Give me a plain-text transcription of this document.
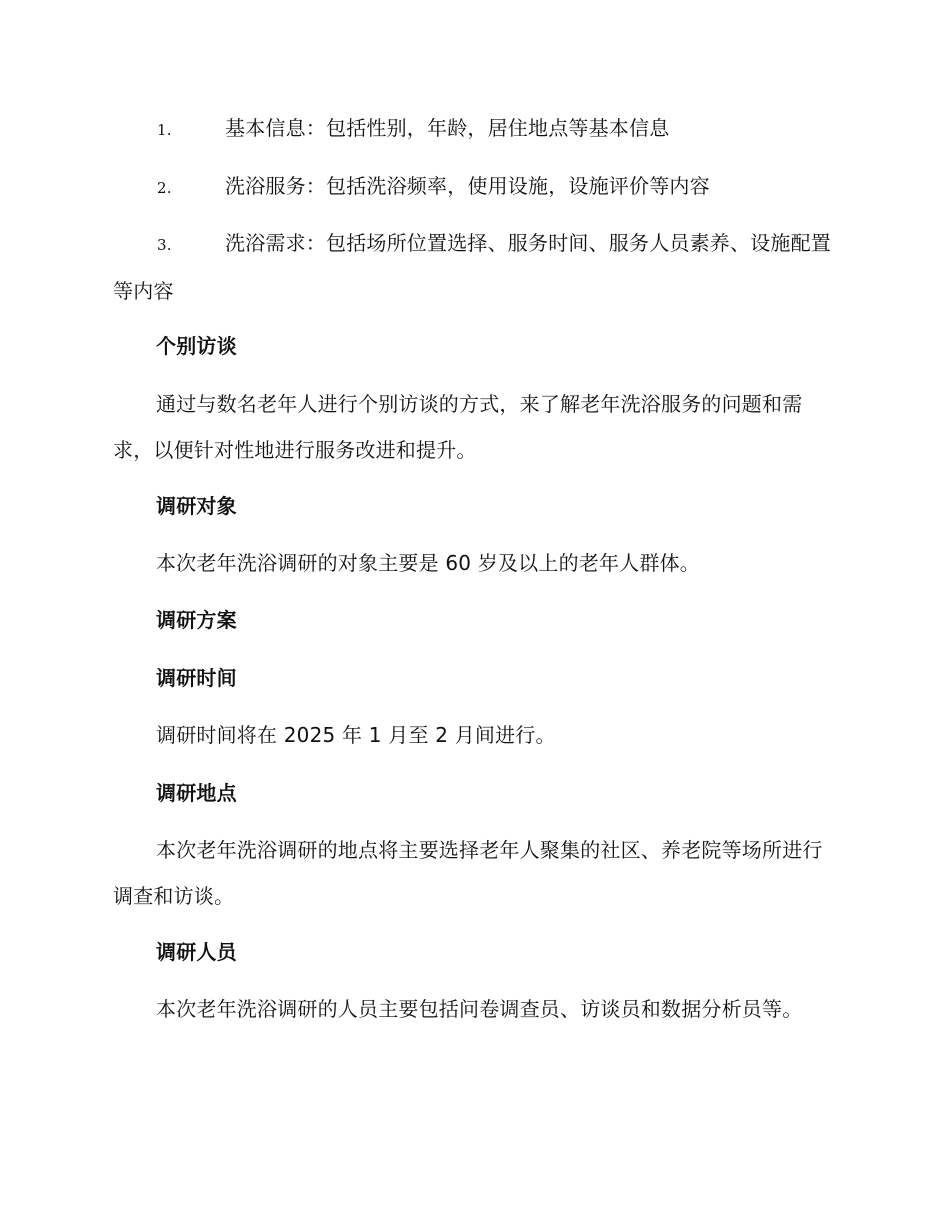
1.	基本信息：包括性别，年龄，居住地点等基本信息
2.	洗浴服务：包括洗浴频率，使用设施，设施评价等内容
3.	洗浴需求：包括场所位置选择、服务时间、服务人员素养、设施配置等内容
个别访谈
通过与数名老年人进行个别访谈的方式，来了解老年洗浴服务的问题和需求，以便针对性地进行服务改进和提升。
调研对象
本次老年洗浴调研的对象主要是 60 岁及以上的老年人群体。
调研方案
调研时间
调研时间将在 2025 年 1 月至 2 月间进行。
调研地点
本次老年洗浴调研的地点将主要选择老年人聚集的社区、养老院等场所进行调查和访谈。
调研人员
本次老年洗浴调研的人员主要包括问卷调查员、访谈员和数据分析员等。
